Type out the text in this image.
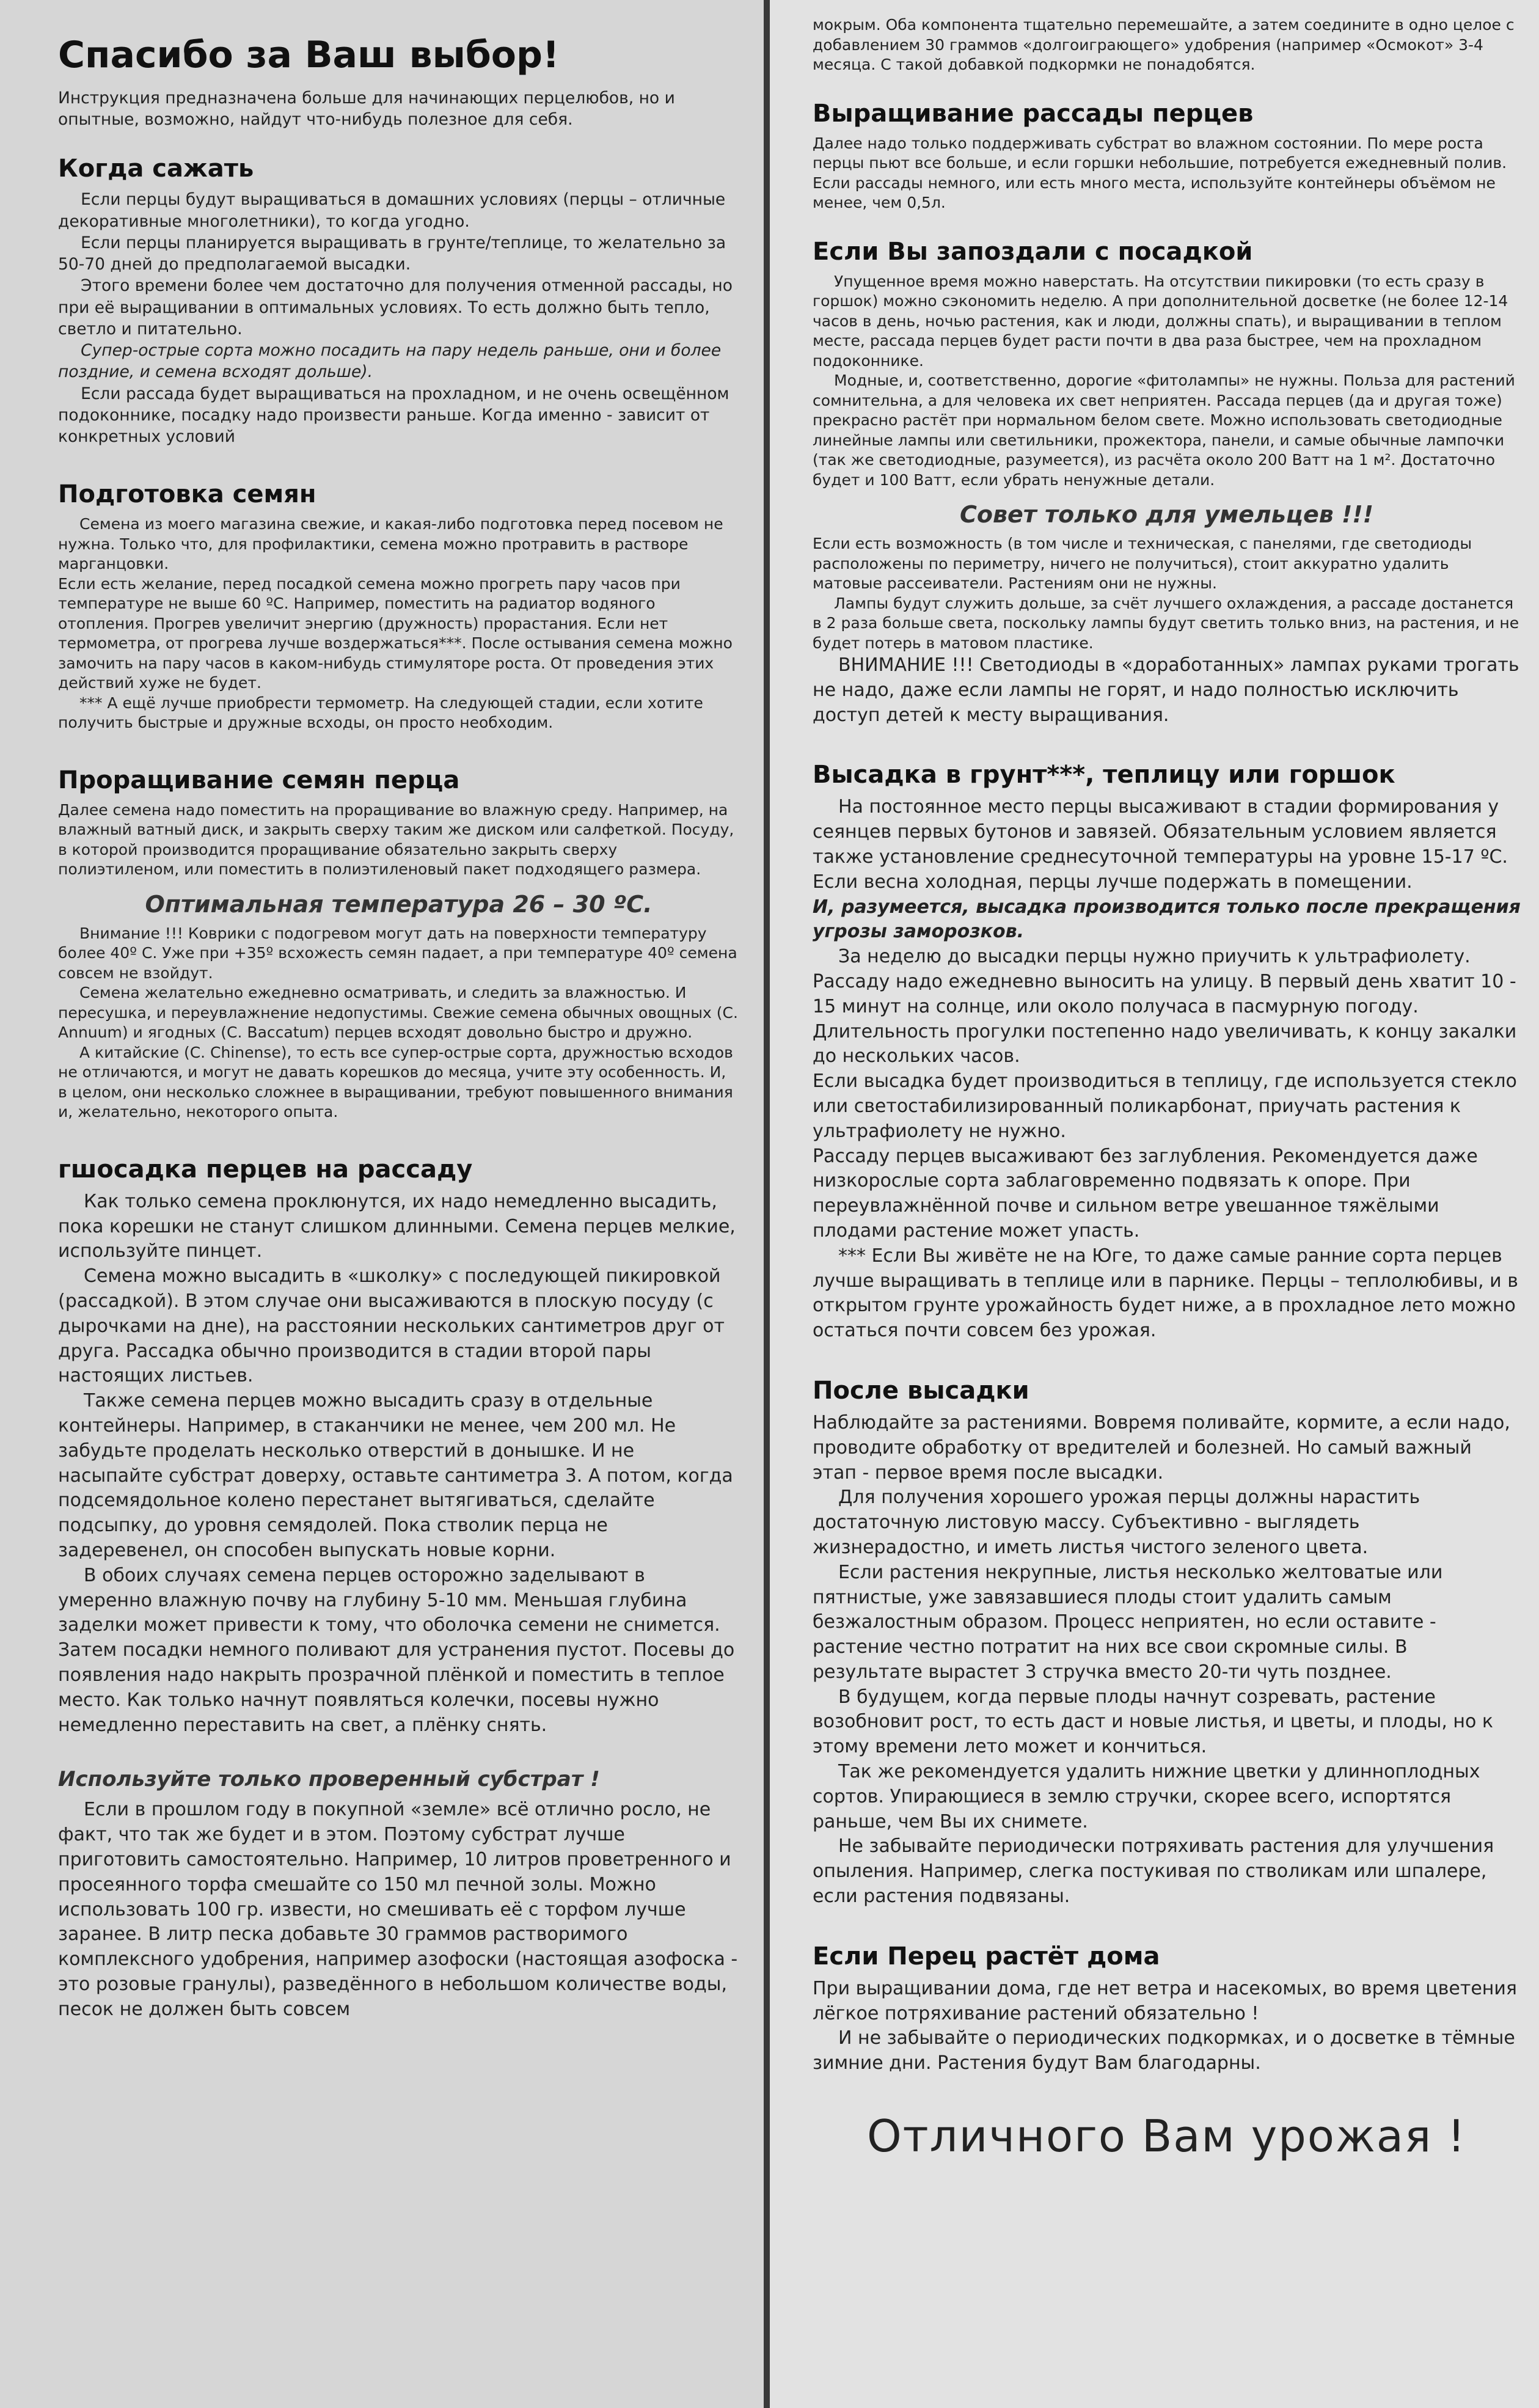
Спасибо за Ваш выбор!

Инструкция предназначена больше для начинающих перцелюбов, но и опытные, возможно, найдут что-нибудь полезное для себя.

Когда сажать

Если перцы будут выращиваться в домашних условиях (перцы – отличные декоративные многолетники), то когда угодно.

Если перцы планируется выращивать в грунте/теплице, то желательно за 50-70 дней до предполагаемой высадки.

Этого времени более чем достаточно для получения отменной рассады, но при её выращивании в оптимальных условиях. То есть должно быть тепло, светло и питательно.

Супер-острые сорта можно посадить на пару недель раньше, они и более поздние, и семена всходят дольше).

Если рассада будет выращиваться на прохладном, и не очень освещённом подоконнике, посадку надо произвести раньше. Когда именно - зависит от конкретных условий

Подготовка семян

Семена из моего магазина свежие, и какая-либо подготовка перед посевом не нужна. Только что, для профилактики, семена можно протравить в растворе марганцовки.

Если есть желание, перед посадкой семена можно прогреть пару часов при температуре не выше 60 ºС. Например, поместить на радиатор водяного отопления. Прогрев увеличит энергию (дружность) прорастания. Если нет термометра, от прогрева лучше воздержаться***. После остывания семена можно замочить на пару часов в каком-нибудь стимуляторе роста. От проведения этих действий хуже не будет.

*** А ещё лучше приобрести термометр. На следующей стадии, если хотите получить быстрые и дружные всходы, он просто необходим.

Проращивание семян перца

Далее семена надо поместить на проращивание во влажную среду. Например, на влажный ватный диск, и закрыть сверху таким же диском или салфеткой. Посуду, в которой производится проращивание обязательно закрыть сверху полиэтиленом, или поместить в полиэтиленовый пакет подходящего размера.

Оптимальная температура 26 – 30 ºС.

Внимание !!! Коврики с подогревом могут дать на поверхности температуру более 40º С. Уже при +35º всхожесть семян падает, а при температуре 40º семена совсем не взойдут.

Семена желательно ежедневно осматривать, и следить за влажностью. И пересушка, и переувлажнение недопустимы. Свежие семена обычных овощных (C. Annuum) и ягодных (C. Baccatum) перцев всходят довольно быстро и дружно.

А китайские (C. Chinense), то есть все супер-острые сорта, дружностью всходов не отличаются, и могут не давать корешков до месяца, учите эту особенность. И, в целом, они несколько сложнее в выращивании, требуют повышенного внимания и, желательно, некоторого опыта.

гшосадка перцев на рассаду

Как только семена проклюнутся, их надо немедленно высадить, пока корешки не станут слишком длинными. Семена перцев мелкие, используйте пинцет.

Семена можно высадить в «школку» с последующей пикировкой (рассадкой). В этом случае они высаживаются в плоскую посуду (с дырочками на дне), на расстоянии нескольких сантиметров друг от друга. Рассадка обычно производится в стадии второй пары настоящих листьев.

Также семена перцев можно высадить сразу в отдельные контейнеры. Например, в стаканчики не менее, чем 200 мл. Не забудьте проделать несколько отверстий в донышке. И не насыпайте субстрат доверху, оставьте сантиметра 3. А потом, когда подсемядольное колено перестанет вытягиваться, сделайте подсыпку, до уровня семядолей. Пока стволик перца не задеревенел, он способен выпускать новые корни.

В обоих случаях семена перцев осторожно заделывают в умеренно влажную почву на глубину 5-10 мм. Меньшая глубина заделки может привести к тому, что оболочка семени не снимется. Затем посадки немного поливают для устранения пустот. Посевы до появления надо накрыть прозрачной плёнкой и поместить в теплое место. Как только начнут появляться колечки, посевы нужно немедленно переставить на свет, а плёнку снять.

Используйте только проверенный субстрат !

Если в прошлом году в покупной «земле» всё отлично росло, не факт, что так же будет и в этом. Поэтому субстрат лучше приготовить самостоятельно. Например, 10 литров проветренного и просеянного торфа смешайте со 150 мл печной золы. Можно использовать 100 гр. извести, но смешивать её с торфом лучше заранее. В литр песка добавьте 30 граммов растворимого комплексного удобрения, например азофоски (настоящая азофоска - это розовые гранулы), разведённого в небольшом количестве воды, песок не должен быть совсем

мокрым. Оба компонента тщательно перемешайте, а затем соедините в одно целое с добавлением 30 граммов «долгоиграющего» удобрения (например «Осмокот» 3-4 месяца. С такой добавкой подкормки не понадобятся.

Выращивание рассады перцев

Далее надо только поддерживать субстрат во влажном состоянии. По мере роста перцы пьют все больше, и если горшки небольшие, потребуется ежедневный полив. Если рассады немного, или есть много места, используйте контейнеры объёмом не менее, чем 0,5л.

Если Вы запоздали с посадкой

Упущенное время можно наверстать. На отсутствии пикировки (то есть сразу в горшок) можно сэкономить неделю. А при дополнительной досветке (не более 12-14 часов в день, ночью растения, как и люди, должны спать), и выращивании в теплом месте, рассада перцев будет расти почти в два раза быстрее, чем на прохладном подоконнике.

Модные, и, соответственно, дорогие «фитолампы» не нужны. Польза для растений сомнительна, а для человека их свет неприятен. Рассада перцев (да и другая тоже) прекрасно растёт при нормальном белом свете. Можно использовать светодиодные линейные лампы или светильники, прожектора, панели, и самые обычные лампочки (так же светодиодные, разумеется), из расчёта около 200 Ватт на 1 м². Достаточно будет и 100 Ватт, если убрать ненужные детали.

Совет только для умельцев !!!

Если есть возможность (в том числе и техническая, с панелями, где светодиоды расположены по периметру, ничего не получиться), стоит аккуратно удалить матовые рассеиватели. Растениям они не нужны.

Лампы будут служить дольше, за счёт лучшего охлаждения, а рассаде достанется в 2 раза больше света, поскольку лампы будут светить только вниз, на растения, и не будет потерь в матовом пластике.

ВНИМАНИЕ !!! Светодиоды в «доработанных» лампах руками трогать не надо, даже если лампы не горят, и надо полностью исключить доступ детей к месту выращивания.

Высадка в грунт***, теплицу или горшок

На постоянное место перцы высаживают в стадии формирования у сеянцев первых бутонов и завязей. Обязательным условием является также установление среднесуточной температуры на уровне 15-17 ºС. Если весна холодная, перцы лучше подержать в помещении.

И, разумеется, высадка производится только после прекращения угрозы заморозков.

За неделю до высадки перцы нужно приучить к ультрафиолету. Рассаду надо ежедневно выносить на улицу. В первый день хватит 10 - 15 минут на солнце, или около получаса в пасмурную погоду. Длительность прогулки постепенно надо увеличивать, к концу закалки до нескольких часов.

Если высадка будет производиться в теплицу, где используется стекло или светостабилизированный поликарбонат, приучать растения к ультрафиолету не нужно.

Рассаду перцев высаживают без заглубления. Рекомендуется даже низкорослые сорта заблаговременно подвязать к опоре. При переувлажнённой почве и сильном ветре увешанное тяжёлыми плодами растение может упасть.

*** Если Вы живёте не на Юге, то даже самые ранние сорта перцев лучше выращивать в теплице или в парнике. Перцы – теплолюбивы, и в открытом грунте урожайность будет ниже, а в прохладное лето можно остаться почти совсем без урожая.

После высадки

Наблюдайте за растениями. Вовремя поливайте, кормите, а если надо, проводите обработку от вредителей и болезней. Но самый важный этап - первое время после высадки.

Для получения хорошего урожая перцы должны нарастить достаточную листовую массу. Субъективно - выглядеть жизнерадостно, и иметь листья чистого зеленого цвета.

Если растения некрупные, листья несколько желтоватые или пятнистые, уже завязавшиеся плоды стоит удалить самым безжалостным образом. Процесс неприятен, но если оставите - растение честно потратит на них все свои скромные силы. В результате вырастет 3 стручка вместо 20-ти чуть позднее.

В будущем, когда первые плоды начнут созревать, растение возобновит рост, то есть даст и новые листья, и цветы, и плоды, но к этому времени лето может и кончиться.

Так же рекомендуется удалить нижние цветки у длинноплодных сортов. Упирающиеся в землю стручки, скорее всего, испортятся раньше, чем Вы их снимете.

Не забывайте периодически потряхивать растения для улучшения опыления. Например, слегка постукивая по стволикам или шпалере, если растения подвязаны.

Если Перец растёт дома

При выращивании дома, где нет ветра и насекомых, во время цветения лёгкое потряхивание растений обязательно !

И не забывайте о периодических подкормках, и о досветке в тёмные зимние дни. Растения будут Вам благодарны.

Отличного Вам урожая !
